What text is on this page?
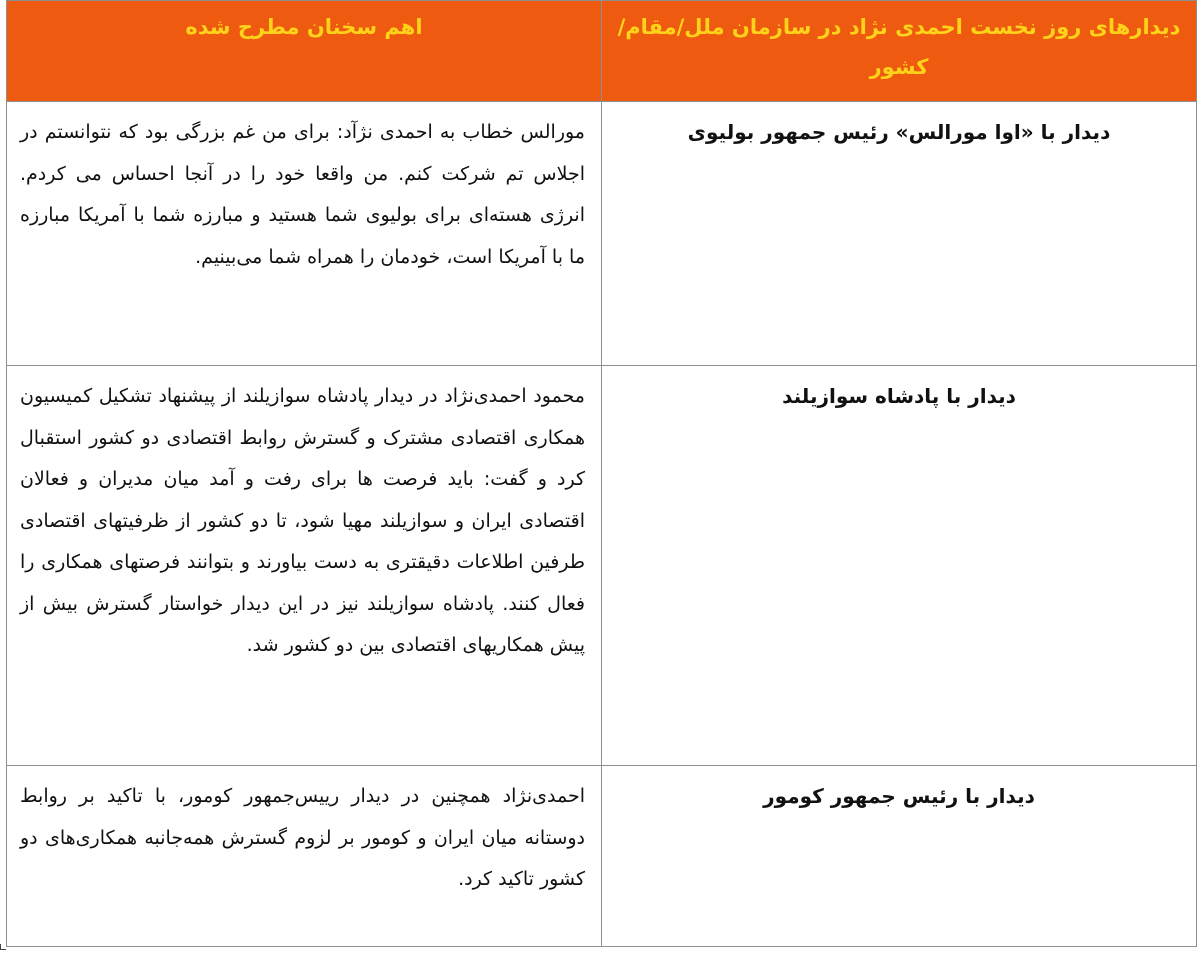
دیدارهای روز نخست احمدی نژاد در سازمان ملل/مقام/کشور	اهم سخنان مطرح شده
دیدار با «اوا مورالس» رئیس جمهور بولیوی	مورالس خطاب به احمدی نژآد: برای من غم بزرگی بود که نتوانستم در اجلاس تم شرکت کنم. من واقعا خود را در آنجا احساس می کردم. انرژی هسته‌ای برای بولیوی شما هستید و مبارزه شما با آمریکا مبارزه ما با آمریکا است، خودمان را همراه شما می‌بینیم.

دیدار با پادشاه سوازیلند	محمود احمدی‌نژاد در دیدار پادشاه سوازیلند از پیشنهاد تشکیل کمیسیون همکاری اقتصادی مشترک و گسترش روابط اقتصادی دو کشور استقبال کرد و گفت: باید فرصت ها برای رفت و آمد میان مدیران و فعالان اقتصادی ایران و سوازیلند مهیا شود، تا دو کشور از ظرفیتهای اقتصادی طرفین اطلاعات دقیقتری به دست بیاورند و بتوانند فرصتهای همکاری را فعال کنند. پادشاه سوازیلند نیز در این دیدار خواستار گسترش بیش از پیش همکاریهای اقتصادی بین دو کشور شد.

دیدار با رئیس جمهور کومور	احمدی‌نژاد همچنین در دیدار رییس‌جمهور کومور، با تاکید بر روابط دوستانه میان ایران و کومور بر لزوم گسترش همه‌جانبه همکاری‌های دو کشور تاکید کرد.
